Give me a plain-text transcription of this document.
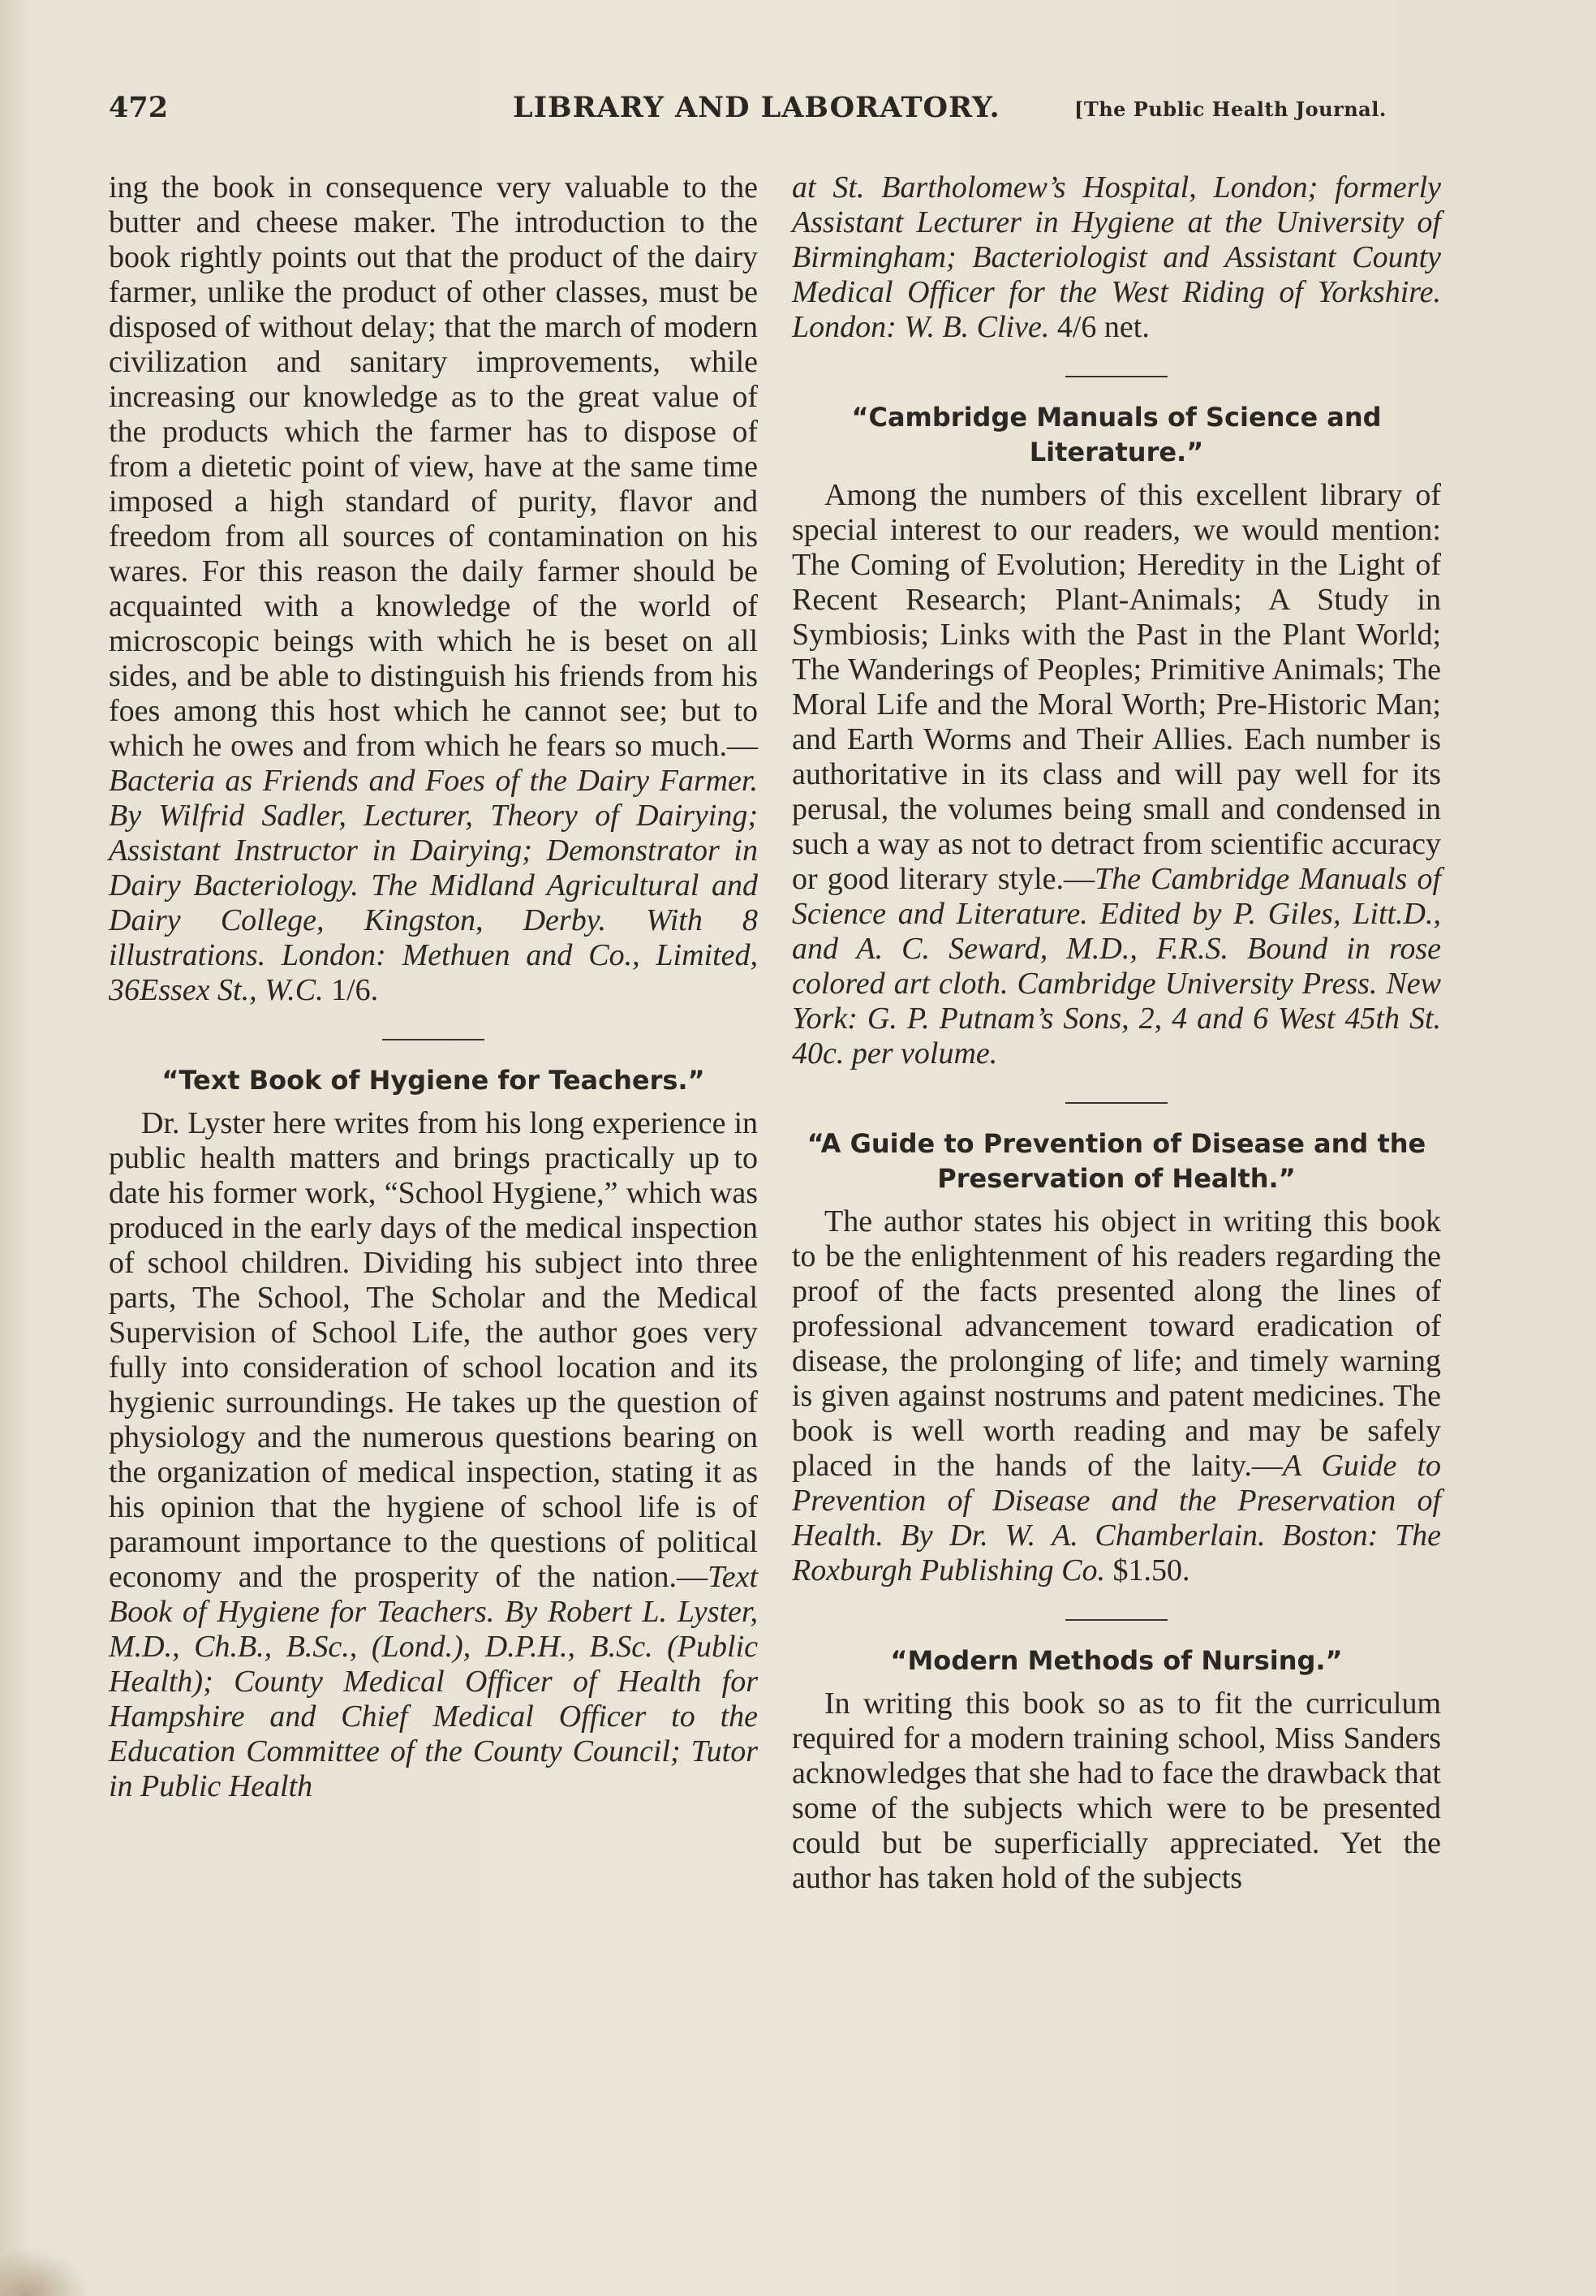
472	LIBRARY AND LABORATORY.	[The Public Health Journal.

ing the book in consequence very valuable to the butter and cheese maker. The introduction to the book rightly points out that the product of the dairy farmer, unlike the product of other classes, must be disposed of without delay; that the march of modern civilization and sanitary improvements, while increasing our knowledge as to the great value of the products which the farmer has to dispose of from a dietetic point of view, have at the same time imposed a high standard of purity, flavor and freedom from all sources of contamination on his wares. For this reason the daily farmer should be acquainted with a knowledge of the world of microscopic beings with which he is beset on all sides, and be able to distinguish his friends from his foes among this host which he cannot see; but to which he owes and from which he fears so much.—Bacteria as Friends and Foes of the Dairy Farmer. By Wilfrid Sadler, Lecturer, Theory of Dairying; Assistant Instructor in Dairying; Demonstrator in Dairy Bacteriology. The Midland Agricultural and Dairy College, Kingston, Derby. With 8 illustrations. London: Methuen and Co., Limited, 36Essex St., W.C. 1/6.

“Text Book of Hygiene for Teachers.”

Dr. Lyster here writes from his long experience in public health matters and brings practically up to date his former work, “School Hygiene,” which was produced in the early days of the medical inspection of school children. Dividing his subject into three parts, The School, The Scholar and the Medical Supervision of School Life, the author goes very fully into consideration of school location and its hygienic surroundings. He takes up the question of physiology and the numerous questions bearing on the organization of medical inspection, stating it as his opinion that the hygiene of school life is of paramount importance to the questions of political economy and the prosperity of the nation.—Text Book of Hygiene for Teachers. By Robert L. Lyster, M.D., Ch.B., B.Sc., (Lond.), D.P.H., B.Sc. (Public Health); County Medical Officer of Health for Hampshire and Chief Medical Officer to the Education Committee of the County Council; Tutor in Public Health

at St. Bartholomew’s Hospital, London; formerly Assistant Lecturer in Hygiene at the University of Birmingham; Bacteriologist and Assistant County Medical Officer for the West Riding of Yorkshire. London: W. B. Clive. 4/6 net.

“Cambridge Manuals of Science and Literature.”

Among the numbers of this excellent library of special interest to our readers, we would mention: The Coming of Evolution; Heredity in the Light of Recent Research; Plant-Animals; A Study in Symbiosis; Links with the Past in the Plant World; The Wanderings of Peoples; Primitive Animals; The Moral Life and the Moral Worth; Pre-Historic Man; and Earth Worms and Their Allies. Each number is authoritative in its class and will pay well for its perusal, the volumes being small and condensed in such a way as not to detract from scientific accuracy or good literary style.—The Cambridge Manuals of Science and Literature. Edited by P. Giles, Litt.D., and A. C. Seward, M.D., F.R.S. Bound in rose colored art cloth. Cambridge University Press. New York: G. P. Putnam’s Sons, 2, 4 and 6 West 45th St. 40c. per volume.

“A Guide to Prevention of Disease and the Preservation of Health.”

The author states his object in writing this book to be the enlightenment of his readers regarding the proof of the facts presented along the lines of professional advancement toward eradication of disease, the prolonging of life; and timely warning is given against nostrums and patent medicines. The book is well worth reading and may be safely placed in the hands of the laity.—A Guide to Prevention of Disease and the Preservation of Health. By Dr. W. A. Chamberlain. Boston: The Roxburgh Publishing Co. $1.50.

“Modern Methods of Nursing.”

In writing this book so as to fit the curriculum required for a modern training school, Miss Sanders acknowledges that she had to face the drawback that some of the subjects which were to be presented could but be superficially appreciated. Yet the author has taken hold of the subjects
